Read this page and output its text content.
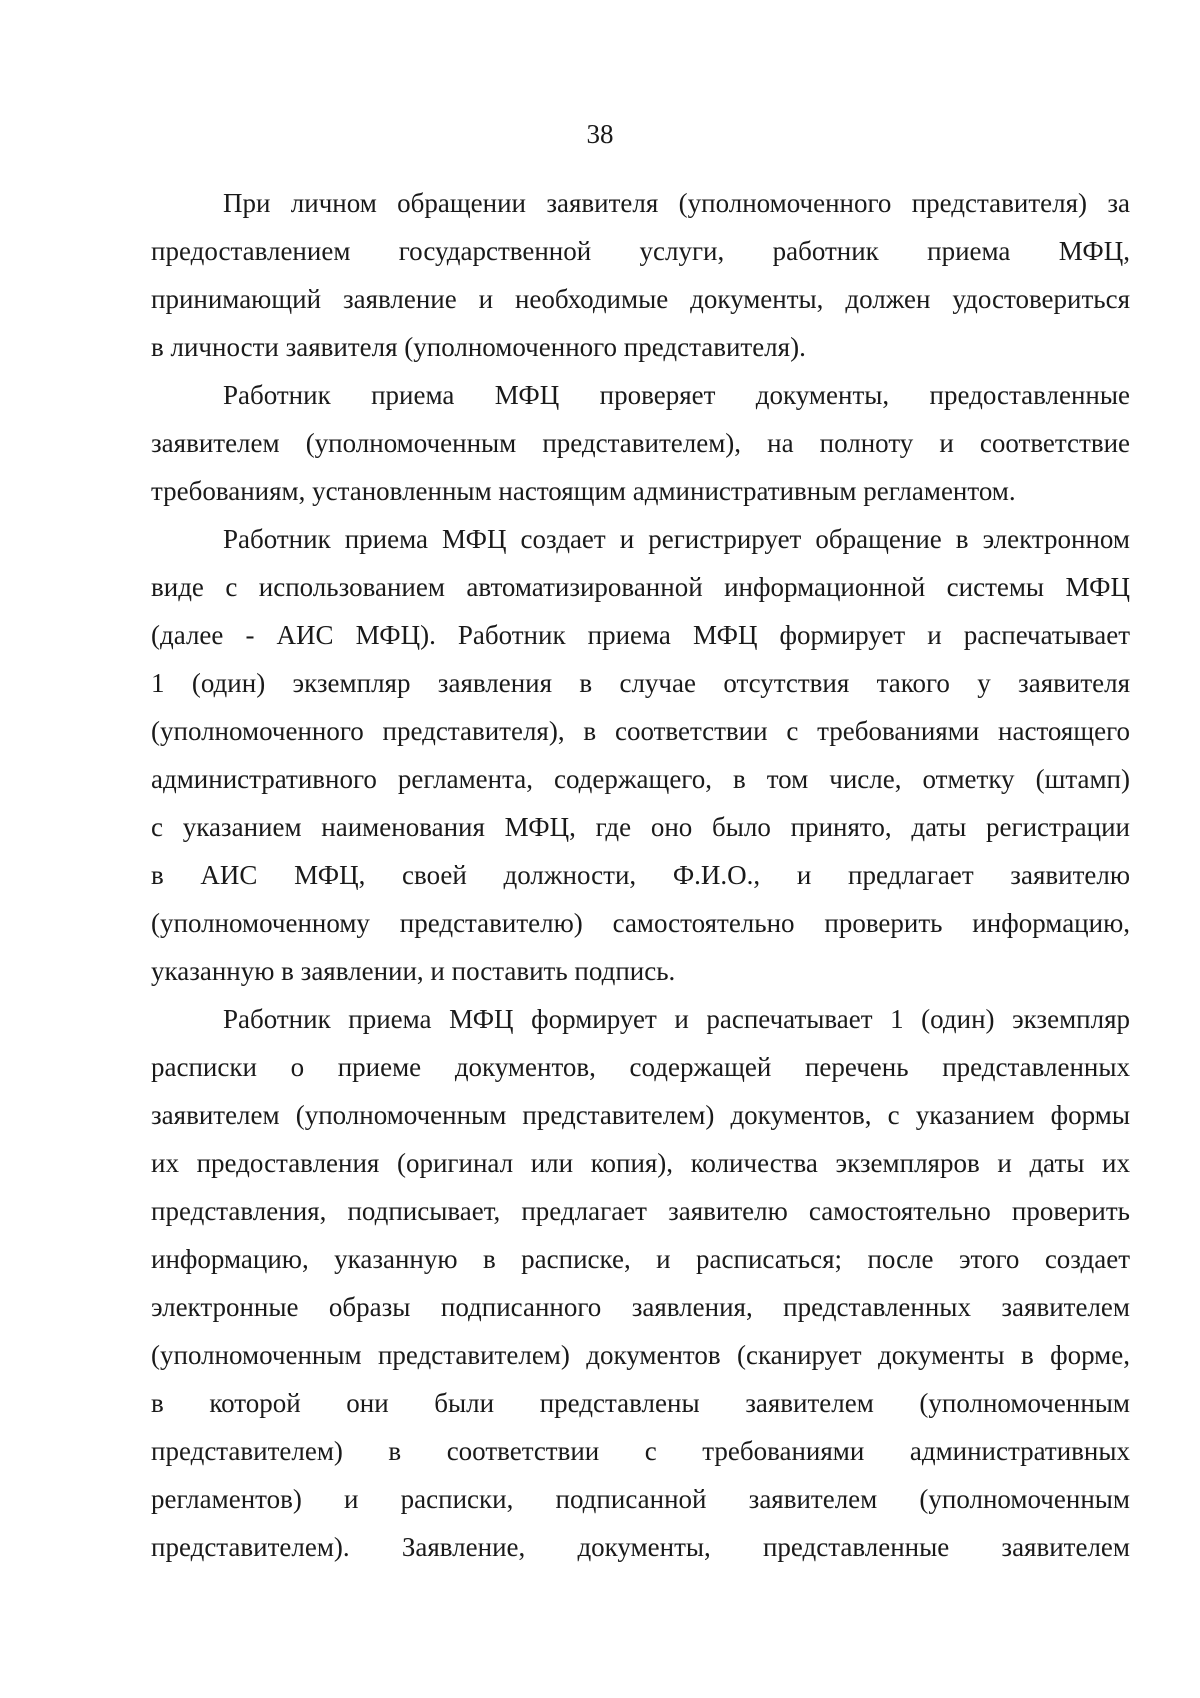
38
При личном обращении заявителя (уполномоченного представителя) за
предоставлением государственной услуги, работник приема МФЦ,
принимающий заявление и необходимые документы, должен удостовериться
в личности заявителя (уполномоченного представителя).
Работник приема МФЦ проверяет документы, предоставленные
заявителем (уполномоченным представителем), на полноту и соответствие
требованиям, установленным настоящим административным регламентом.
Работник приема МФЦ создает и регистрирует обращение в электронном
виде с использованием автоматизированной информационной системы МФЦ
(далее - АИС МФЦ). Работник приема МФЦ формирует и распечатывает
1 (один) экземпляр заявления в случае отсутствия такого у заявителя
(уполномоченного представителя), в соответствии с требованиями настоящего
административного регламента, содержащего, в том числе, отметку (штамп)
с указанием наименования МФЦ, где оно было принято, даты регистрации
в АИС МФЦ, своей должности, Ф.И.О., и предлагает заявителю
(уполномоченному представителю) самостоятельно проверить информацию,
указанную в заявлении, и поставить подпись.
Работник приема МФЦ формирует и распечатывает 1 (один) экземпляр
расписки о приеме документов, содержащей перечень представленных
заявителем (уполномоченным представителем) документов, с указанием формы
их предоставления (оригинал или копия), количества экземпляров и даты их
представления, подписывает, предлагает заявителю самостоятельно проверить
информацию, указанную в расписке, и расписаться; после этого создает
электронные образы подписанного заявления, представленных заявителем
(уполномоченным представителем) документов (сканирует документы в форме,
в которой они были представлены заявителем (уполномоченным
представителем) в соответствии с требованиями административных
регламентов) и расписки, подписанной заявителем (уполномоченным
представителем). Заявление, документы, представленные заявителем
